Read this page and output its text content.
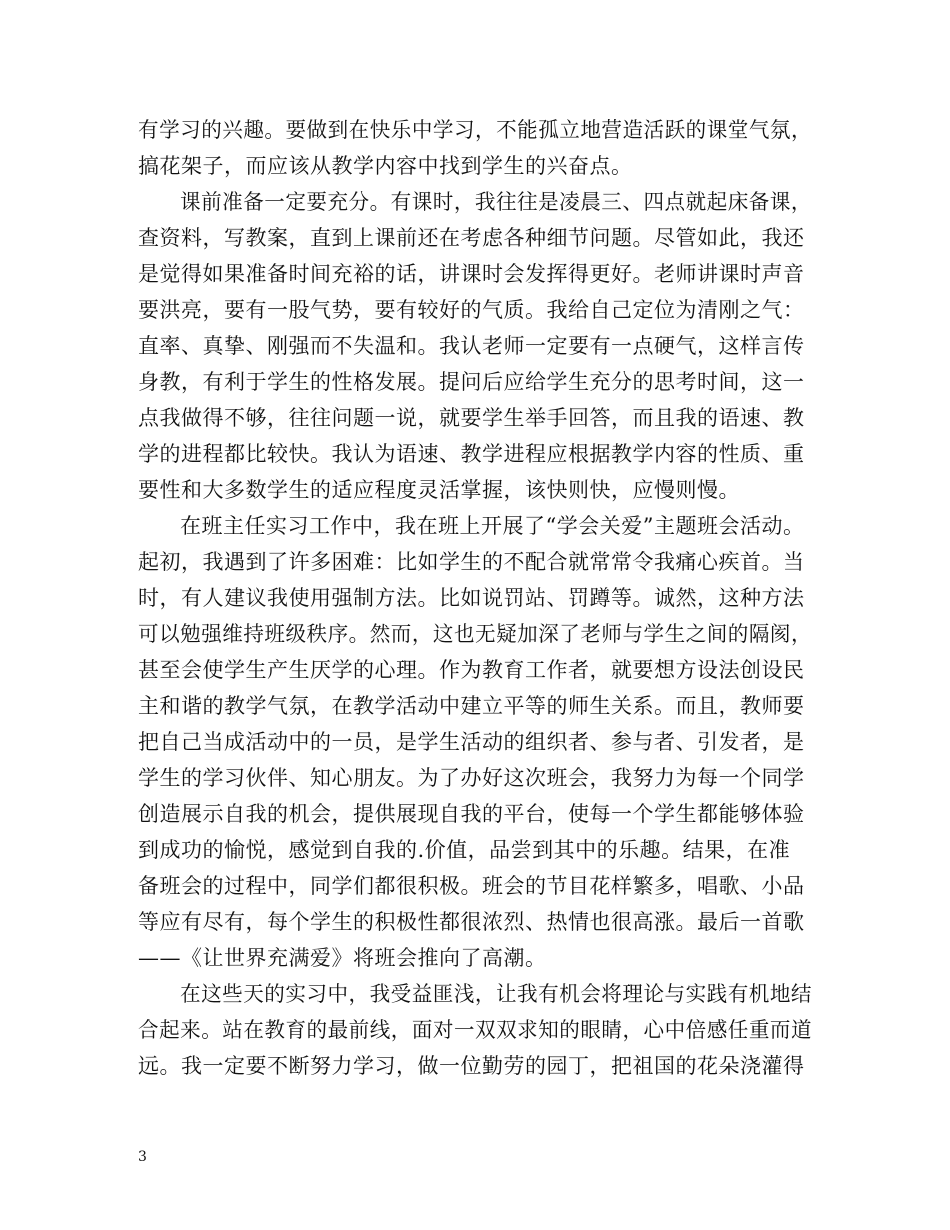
有学习的兴趣。要做到在快乐中学习，不能孤立地营造活跃的课堂气氛，
搞花架子，而应该从教学内容中找到学生的兴奋点。
课前准备一定要充分。有课时，我往往是凌晨三、四点就起床备课，
查资料，写教案，直到上课前还在考虑各种细节问题。尽管如此，我还
是觉得如果准备时间充裕的话，讲课时会发挥得更好。老师讲课时声音
要洪亮，要有一股气势，要有较好的气质。我给自己定位为清刚之气：
直率、真挚、刚强而不失温和。我认老师一定要有一点硬气，这样言传
身教，有利于学生的性格发展。提问后应给学生充分的思考时间，这一
点我做得不够，往往问题一说，就要学生举手回答，而且我的语速、教
学的进程都比较快。我认为语速、教学进程应根据教学内容的性质、重
要性和大多数学生的适应程度灵活掌握，该快则快，应慢则慢。
在班主任实习工作中，我在班上开展了“学会关爱”主题班会活动。
起初，我遇到了许多困难：比如学生的不配合就常常令我痛心疾首。当
时，有人建议我使用强制方法。比如说罚站、罚蹲等。诚然，这种方法
可以勉强维持班级秩序。然而，这也无疑加深了老师与学生之间的隔阂，
甚至会使学生产生厌学的心理。作为教育工作者，就要想方设法创设民
主和谐的教学气氛，在教学活动中建立平等的师生关系。而且，教师要
把自己当成活动中的一员，是学生活动的组织者、参与者、引发者，是
学生的学习伙伴、知心朋友。为了办好这次班会，我努力为每一个同学
创造展示自我的机会，提供展现自我的平台，使每一个学生都能够体验
到成功的愉悦，感觉到自我的.价值，品尝到其中的乐趣。结果，在准
备班会的过程中，同学们都很积极。班会的节目花样繁多，唱歌、小品
等应有尽有，每个学生的积极性都很浓烈、热情也很高涨。最后一首歌
——《让世界充满爱》将班会推向了高潮。
在这些天的实习中，我受益匪浅，让我有机会将理论与实践有机地结
合起来。站在教育的最前线，面对一双双求知的眼睛，心中倍感任重而道
远。我一定要不断努力学习，做一位勤劳的园丁，把祖国的花朵浇灌得
3
